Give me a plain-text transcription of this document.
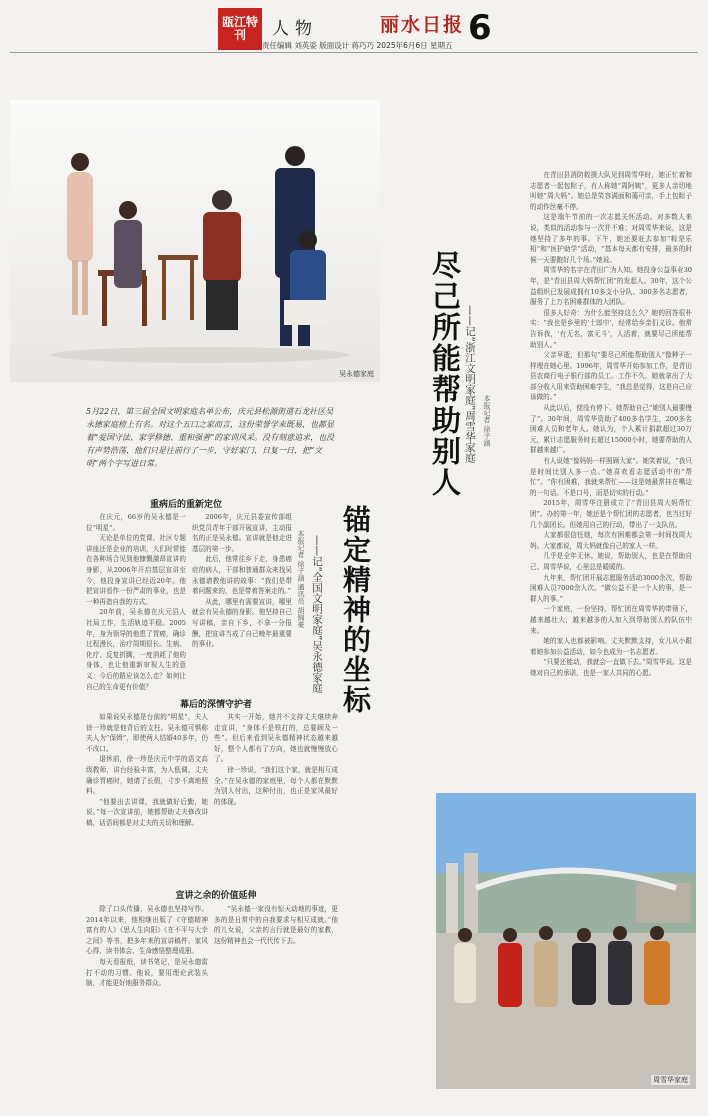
瓯江特刊	人物	丽水日报 6
责任编辑 刘英姿 版面设计 蒋巧巧 2025年6月6日 星期五
吴永德家庭
5月22日，第三届全国文明家庭名单公布，庆元县松源街道石龙社区吴永德家庭榜上有名。对这个五口之家而言，这份荣誉学来既易，也都显着“爱国守法、家学修德、重和强善”的家训风采。没有刻意追求，也没有声势浩荡，他们只是往前行了一步，守好家门，日复一日，把“文明”两个字写进日常。
锚定精神的坐标
——记“全国文明家庭”吴永德家庭
本报记者 徐子涵 通讯员 胡锦豪
重病后的重新定位

在庆元，66岁的吴永德是一位“明星”。

无论是单位的党课、社区专题讲座还是企业的培训，人们时常能在各种场合见到他慷慨激昂宣讲的身影，从2006年开启基层宣讲至今，他投身宣讲已经近20年。他把宣讲看作一份严肃的事业，也是一种再造自我的方式。

20年前，吴永德在庆元县人社局工作，生活轨迹平稳。2005年，身为领导的他患了胃癌，确诊过程漫长，治疗周期很长。生病、化疗、反复折腾，一度消耗了他的身体，也让他重新审视人生的意义：今后的路应该怎么走？如何让自己的生命更有价值？

2006年，庆元县委宣传部组织党员青年干部开展宣讲，主动报名的正是吴永德。宣讲就是他走进基层的第一步。

此后，他常往乡下走，身患癌症的病人，干部和普通群众来找吴永德请教他讲的故事：“我们是带着问题来的，也是带着答案走的。”

从此，哪里有需要宣讲，哪里就会有吴永德的身影。他坚持自己写讲稿，亲自下乡，不拿一分报酬，把宣讲当成了自己晚年最重要的事业。

幕后的深情守护者

如果说吴永德是台前的“明星”，夫人徐一珍就是他背后的支柱。吴永德可惧称夫人为“保姆”，即使两人结婚40多年，仍不改口。

退休前，徐一珍是庆元中学的语文高级教师，讲台经验丰富，为人低调。丈夫确诊胃癌时，她请了长假，寸步不离地照料。

“他要出去讲课，我就做好后勤，她说。”每一次宣讲前，她都帮助丈夫修改讲稿，话语间都是对丈夫的关切和理解。

其实一开始，她并不支持丈夫继续奔走宣讲，“身体不是铁打的，总要顾及一些”。但后来看到吴永德精神状态越来越好，整个人都有了方向，她也就慢慢放心了。

徐一珍说，“我们这个家，就是相互成全。”在吴永德的家庭里，每个人都在默默为别人付出，这种付出，也正是家风最好的体现。

宣讲之余的价值延伸

除了口头传播，吴永德也坚持写作。2014年以来，他相继出版了《守德精神富有的人》《思人生向阳》《在不平与大幸之间》等书，把多年来的宣讲稿件、家风心得、读书体会、生命感悟整理成册。

每天看报纸，读书笔记，是吴永德雷打不动的习惯。他说，要用理论武装头脑，才能更好地服务群众。

“吴永德一家没有惊天动地的事迹，更多的是日常中的自我要求与相互成就。”他的儿女说，父亲的言行就是最好的家教，这份精神也会一代代传下去。

尽己所能帮助别人 ——记“浙江文明家庭”周雪华家庭 本报记者 徐子涵

在青田县消防救援大队见到周雪华时，她正忙着和志愿者一起包粽子，有人称她“周阿姨”，更多人亲切地叫她“周大妈”。她总是笑容满面和蔼可亲，手上包粽子的动作丝毫不停。

这是端午节前的一次志愿关怀活动。对多数人来说，类似的活动参与一次并不难；对周雪华来说，这是她坚持了多年的事。下午，她还要赶去参加“粽是乐相”和“医护助学”活动，“基本每天都有安排，最多的时候一天要跑好几个场。”她说。

周雪华的名字在青田广为人知。她投身公益事业30年，是“青田县周大妈帮忙团”的发起人。30年，这个公益组织已发展成拥有10多支小分队、300多名志愿者，服务了上万名困难群体的大团队。

很多人好奇：为什么能坚持这么久？她的回答很朴实：“我也是乡里的‘土郎中’，经常给乡亲们义诊。他常告诉我，‘有无名，富无斗’，人活着，就要尽己所能帮助别人。”

父亲早逝，但那句“要尽己所能帮助别人”像种子一样埋在她心里。1996年，周雪华开始参加工作，是青田县农商行电子银行部的员工。工作不久，她就拿出了大部分收入用来资助困难学生，“我总是觉得，这是自己应该做的。”

从此以后，便没有停下。她帮助自己“她别人最要慢了”。30年间，周雪华资助了400多名学生，200多名困难人员和老年人。她认为，个人累计捐款超过30万元，累计志愿服务时长超过15000小时，她要帮助的人群越来越广。

有人说她“像妈妈一样照顾大家”。她笑着说，“我只是时间比别人多一点。”她喜欢看志愿活动中的“帮忙”。“你有困难，我就来帮忙——这是她最常挂在嘴边的一句话。不是口号，而是切实的行动。”

2015年，周雪华注册成立了“青田县周大妈帮忙团”。办的第一年，她还是个帮忙团的志愿者，也当过好几个副团长。但她用自己的行动，带出了一支队伍。

大家都很信任她，每次有困难都会第一时间找周大妈。大家都说，周大妈就像自己的家人一样。

几乎是全年无休。她说，帮助别人，也是在帮助自己。周雪华说，心里总是暖暖的。

九年来，帮忙团开展志愿服务活动3000余次，帮助困难人员7000余人次。“做公益不是一个人的事，是一群人的事。”

一个家庭，一份坚持。帮忙团在周雪华的带领下，越来越壮大，越来越多的人加入到帮助别人的队伍中来。

她的家人也都被影响。丈夫默默支持，女儿从小跟着她参加公益活动，如今也成为一名志愿者。

“只要还能动，我就会一直做下去。”周雪华说。这是她对自己的承诺，也是一家人共同的心愿。

周雪华家庭
